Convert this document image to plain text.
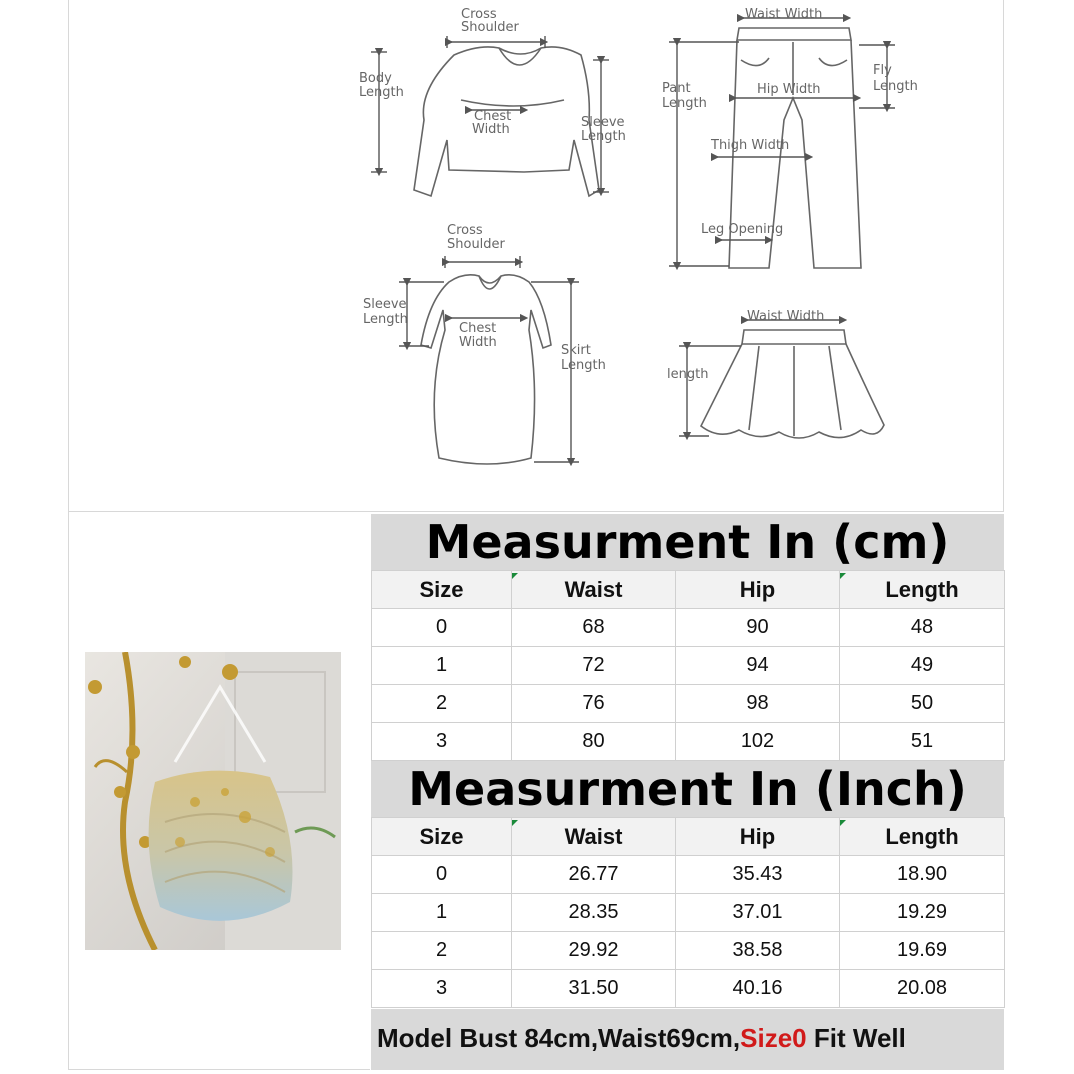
Cross
Shoulder
Body
Length
Chest
Width	Sleeve
Length
Waist Width
Pant
Length
Hip Width
Fly
Length
Thigh Width
Leg Opening
Cross
Shoulder
Sleeve
Length
Chest
Width
Skirt
Length
Waist Width
length
Measurment In (cm)
Size	Waist	Hip	Length
0	68	90	48
1	72	94	49
2	76	98	50
3	80	102	51
Measurment In (Inch)
Size	Waist	Hip	Length
0	26.77	35.43	18.90
1	28.35	37.01	19.29
2	29.92	38.58	19.69
3	31.50	40.16	20.08
Model Bust 84cm,Waist69cm,Size0 Fit Well
